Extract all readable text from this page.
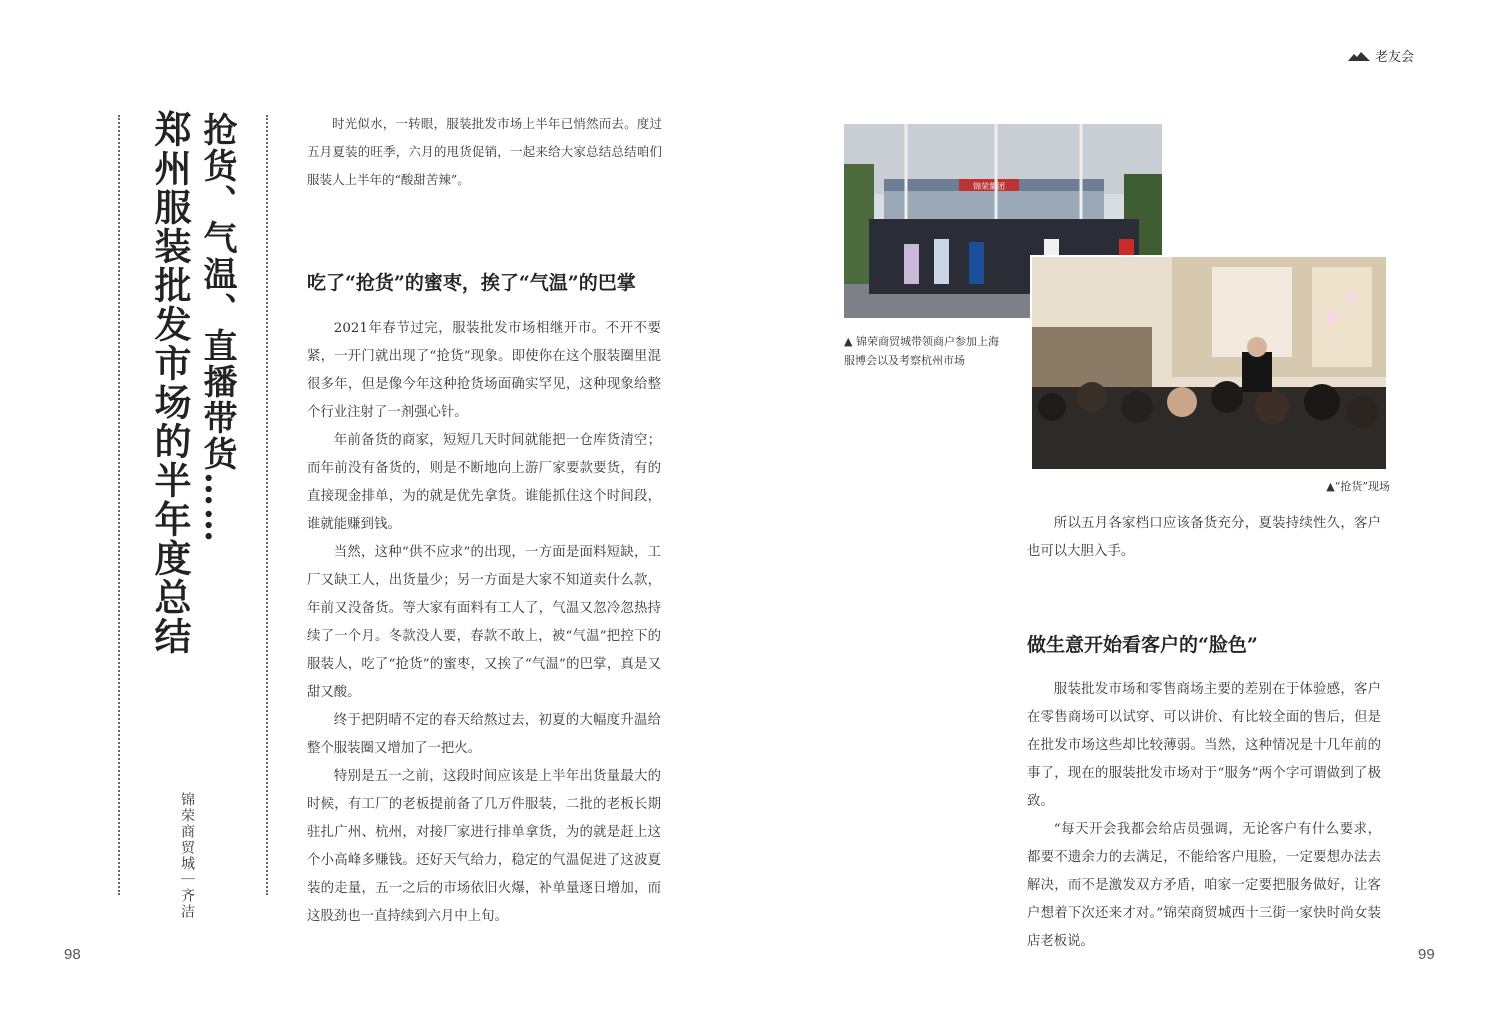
老友会
郑州服装批发市场的半年度总结 抢货、气温、直播带货……
锦荣商贸城｜齐洁

时光似水，一转眼，服装批发市场上半年已悄然而去。度过五月夏装的旺季，六月的甩货促销，一起来给大家总结总结咱们服装人上半年的“酸甜苦辣”。

吃了“抢货”的蜜枣，挨了“气温”的巴掌

2021年春节过完，服装批发市场相继开市。不开不要紧，一开门就出现了“抢货”现象。即使你在这个服装圈里混很多年，但是像今年这种抢货场面确实罕见，这种现象给整个行业注射了一剂强心针。

年前备货的商家，短短几天时间就能把一仓库货清空；而年前没有备货的，则是不断地向上游厂家要款要货，有的直接现金排单，为的就是优先拿货。谁能抓住这个时间段，谁就能赚到钱。

当然，这种“供不应求”的出现，一方面是面料短缺，工厂又缺工人，出货量少；另一方面是大家不知道卖什么款，年前又没备货。等大家有面料有工人了，气温又忽冷忽热持续了一个月。冬款没人要，春款不敢上，被“气温”把控下的服装人，吃了“抢货”的蜜枣，又挨了“气温”的巴掌，真是又甜又酸。

终于把阴晴不定的春天给熬过去，初夏的大幅度升温给整个服装圈又增加了一把火。

特别是五一之前，这段时间应该是上半年出货量最大的时候，有工厂的老板提前备了几万件服装，二批的老板长期驻扎广州、杭州，对接厂家进行排单拿货，为的就是赶上这个小高峰多赚钱。还好天气给力，稳定的气温促进了这波夏装的走量，五一之后的市场依旧火爆，补单量逐日增加，而这股劲也一直持续到六月中上旬。

锦荣集团
▲ 锦荣商贸城带领商户参加上海服博会以及考察杭州市场
▲“抢货”现场

所以五月各家档口应该备货充分，夏装持续性久，客户也可以大胆入手。

做生意开始看客户的“脸色”

服装批发市场和零售商场主要的差别在于体验感，客户在零售商场可以试穿、可以讲价、有比较全面的售后，但是在批发市场这些却比较薄弱。当然，这种情况是十几年前的事了，现在的服装批发市场对于“服务”两个字可谓做到了极致。

“每天开会我都会给店员强调，无论客户有什么要求，都要不遗余力的去满足，不能给客户甩脸，一定要想办法去解决，而不是激发双方矛盾，咱家一定要把服务做好，让客户想着下次还来才对。”锦荣商贸城西十三街一家快时尚女装店老板说。

98	99
